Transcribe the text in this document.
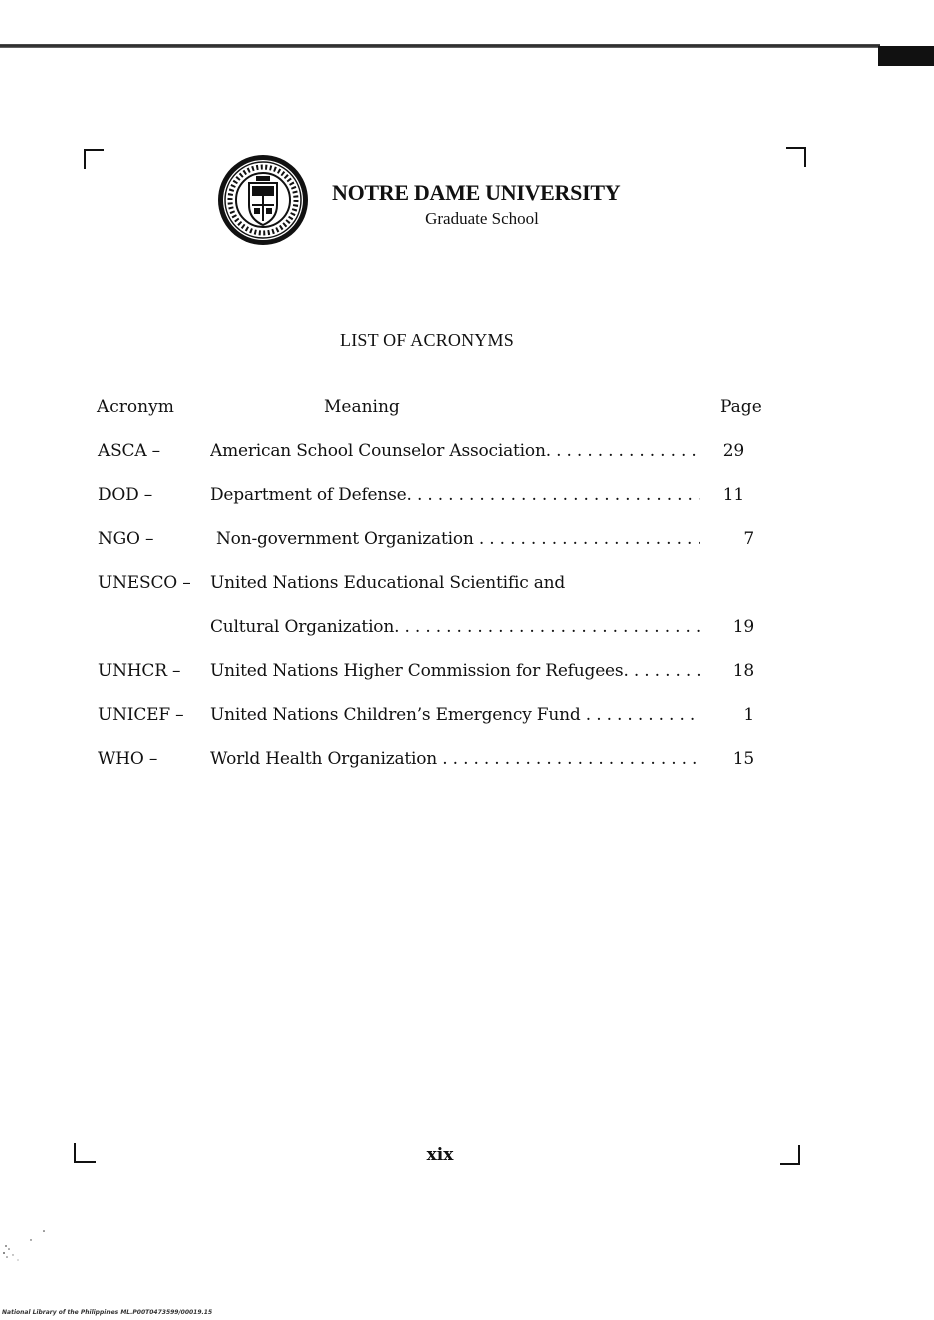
NOTRE DAME UNIVERSITY
Graduate School
LIST OF ACRONYMS
Acronym	Meaning	Page
ASCA –	American School Counselor Association. . . .	29
DOD –	Department of Defense. . . .	11
NGO –	Non-government Organization . . .	7
UNESCO – United Nations Educational Scientific and
Cultural Organization. . . .	19
UNHCR – United Nations Higher Commission for Refugees. . . .	18
UNICEF – United Nations Children’s Emergency Fund . . .	1
WHO –	World Health Organization . . .	15
xix
National Library of the Philippines ML.P00T0473599/00019.15
